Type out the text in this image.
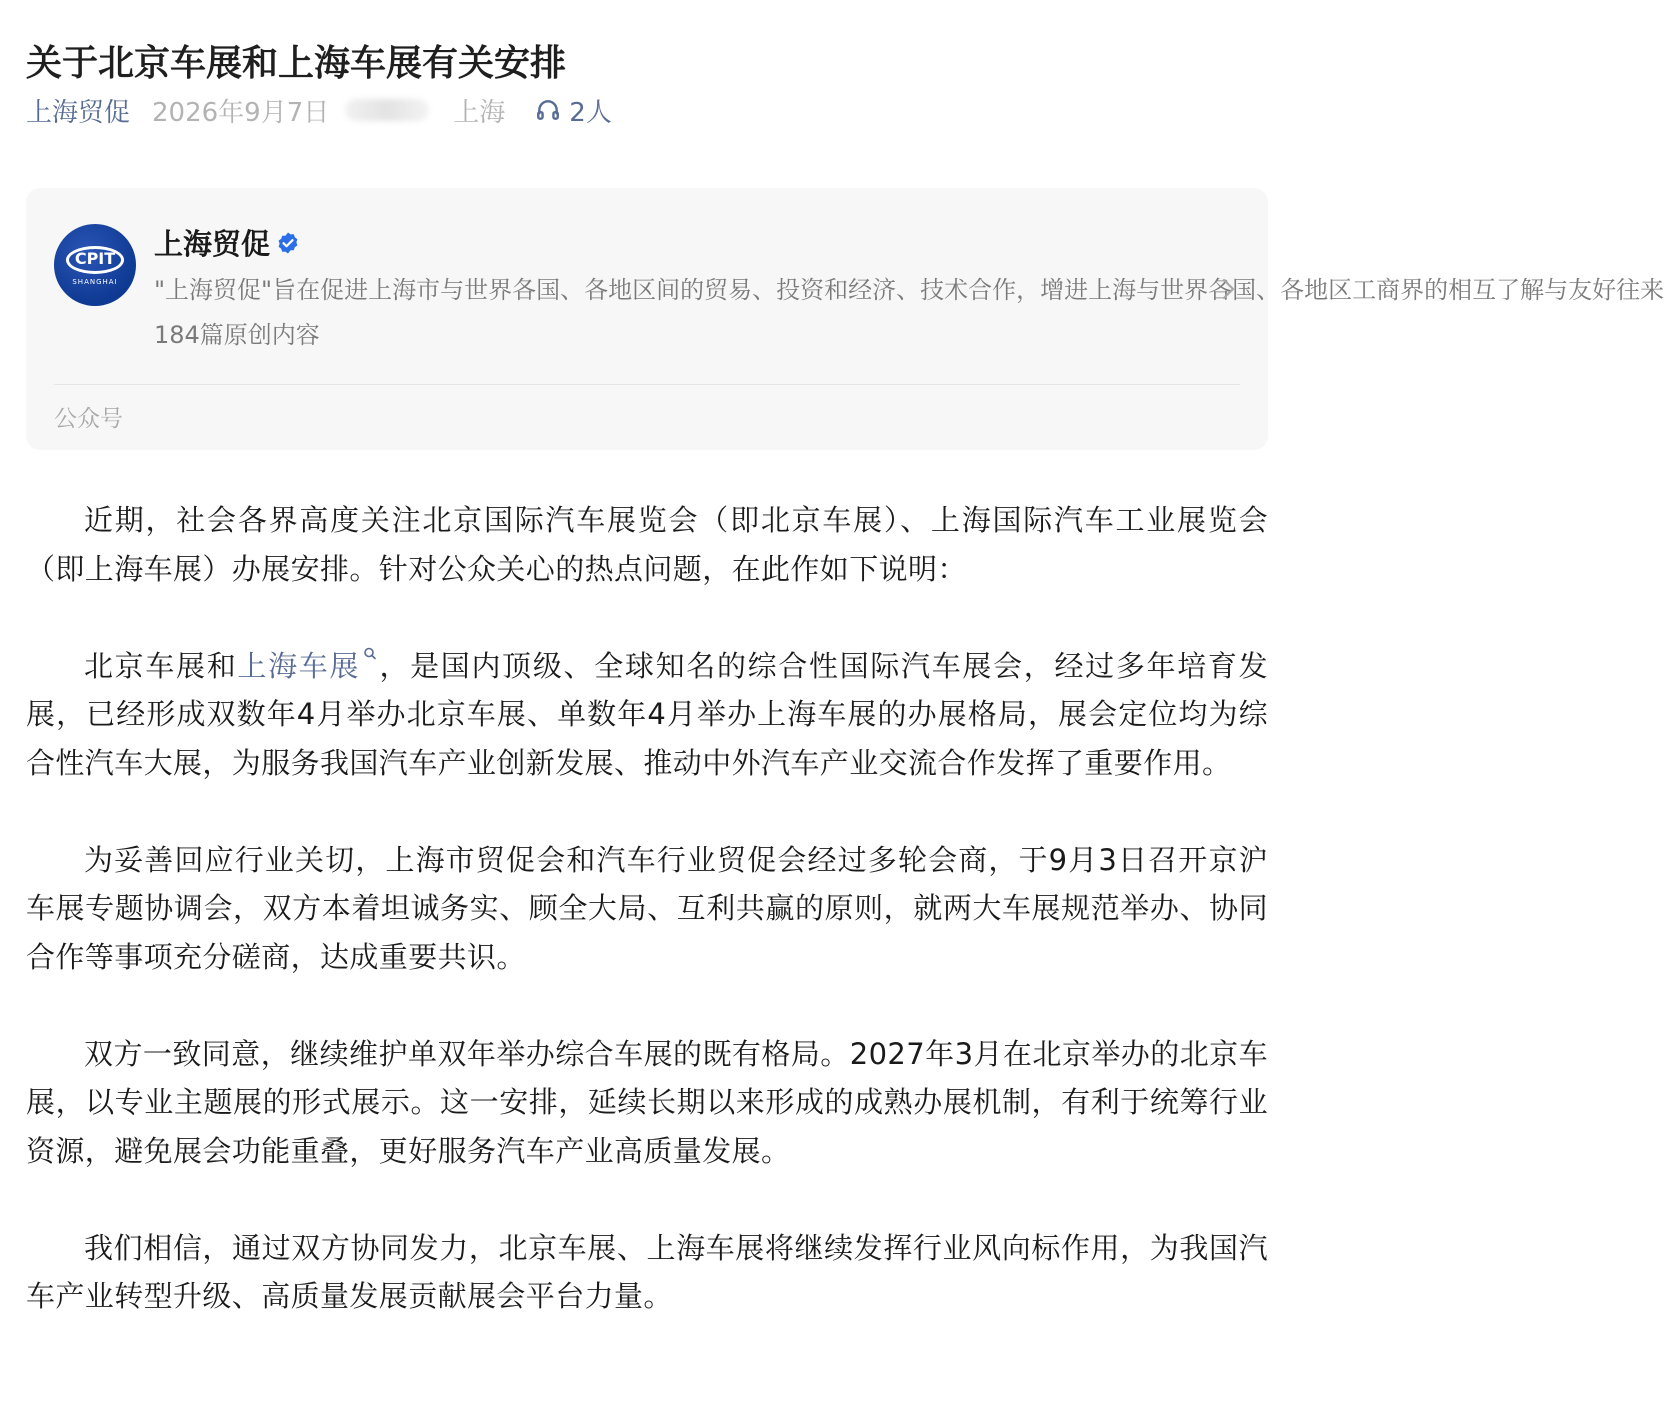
关于北京车展和上海车展有关安排
上海贸促 2026年9月7日	上海 2人
CPIT
SHANGHAI
上海贸促
"上海贸促"旨在促进上海市与世界各国、各地区间的贸易、投资和经济、技术合作，增进上海与世界各国、各地区工商界的相互了解与友好往来
184篇原创内容
公众号

近期，社会各界高度关注北京国际汽车展览会（即北京车展）、上海国际汽车工业展览会（即上海车展）办展安排。针对公众关心的热点问题，在此作如下说明：

北京车展和上海车展 ，是国内顶级、全球知名的综合性国际汽车展会，经过多年培育发展，已经形成双数年4月举办北京车展、单数年4月举办上海车展的办展格局，展会定位均为综合性汽车大展，为服务我国汽车产业创新发展、推动中外汽车产业交流合作发挥了重要作用。

为妥善回应行业关切，上海市贸促会和汽车行业贸促会经过多轮会商，于9月3日召开京沪车展专题协调会，双方本着坦诚务实、顾全大局、互利共赢的原则，就两大车展规范举办、协同合作等事项充分磋商，达成重要共识。

双方一致同意，继续维护单双年举办综合车展的既有格局。2027年3月在北京举办的北京车展，以专业主题展的形式展示。这一安排，延续长期以来形成的成熟办展机制，有利于统筹行业资源，避免展会功能重叠，更好服务汽车产业高质量发展。

我们相信，通过双方协同发力，北京车展、上海车展将继续发挥行业风向标作用，为我国汽车产业转型升级、高质量发展贡献展会平台力量。
